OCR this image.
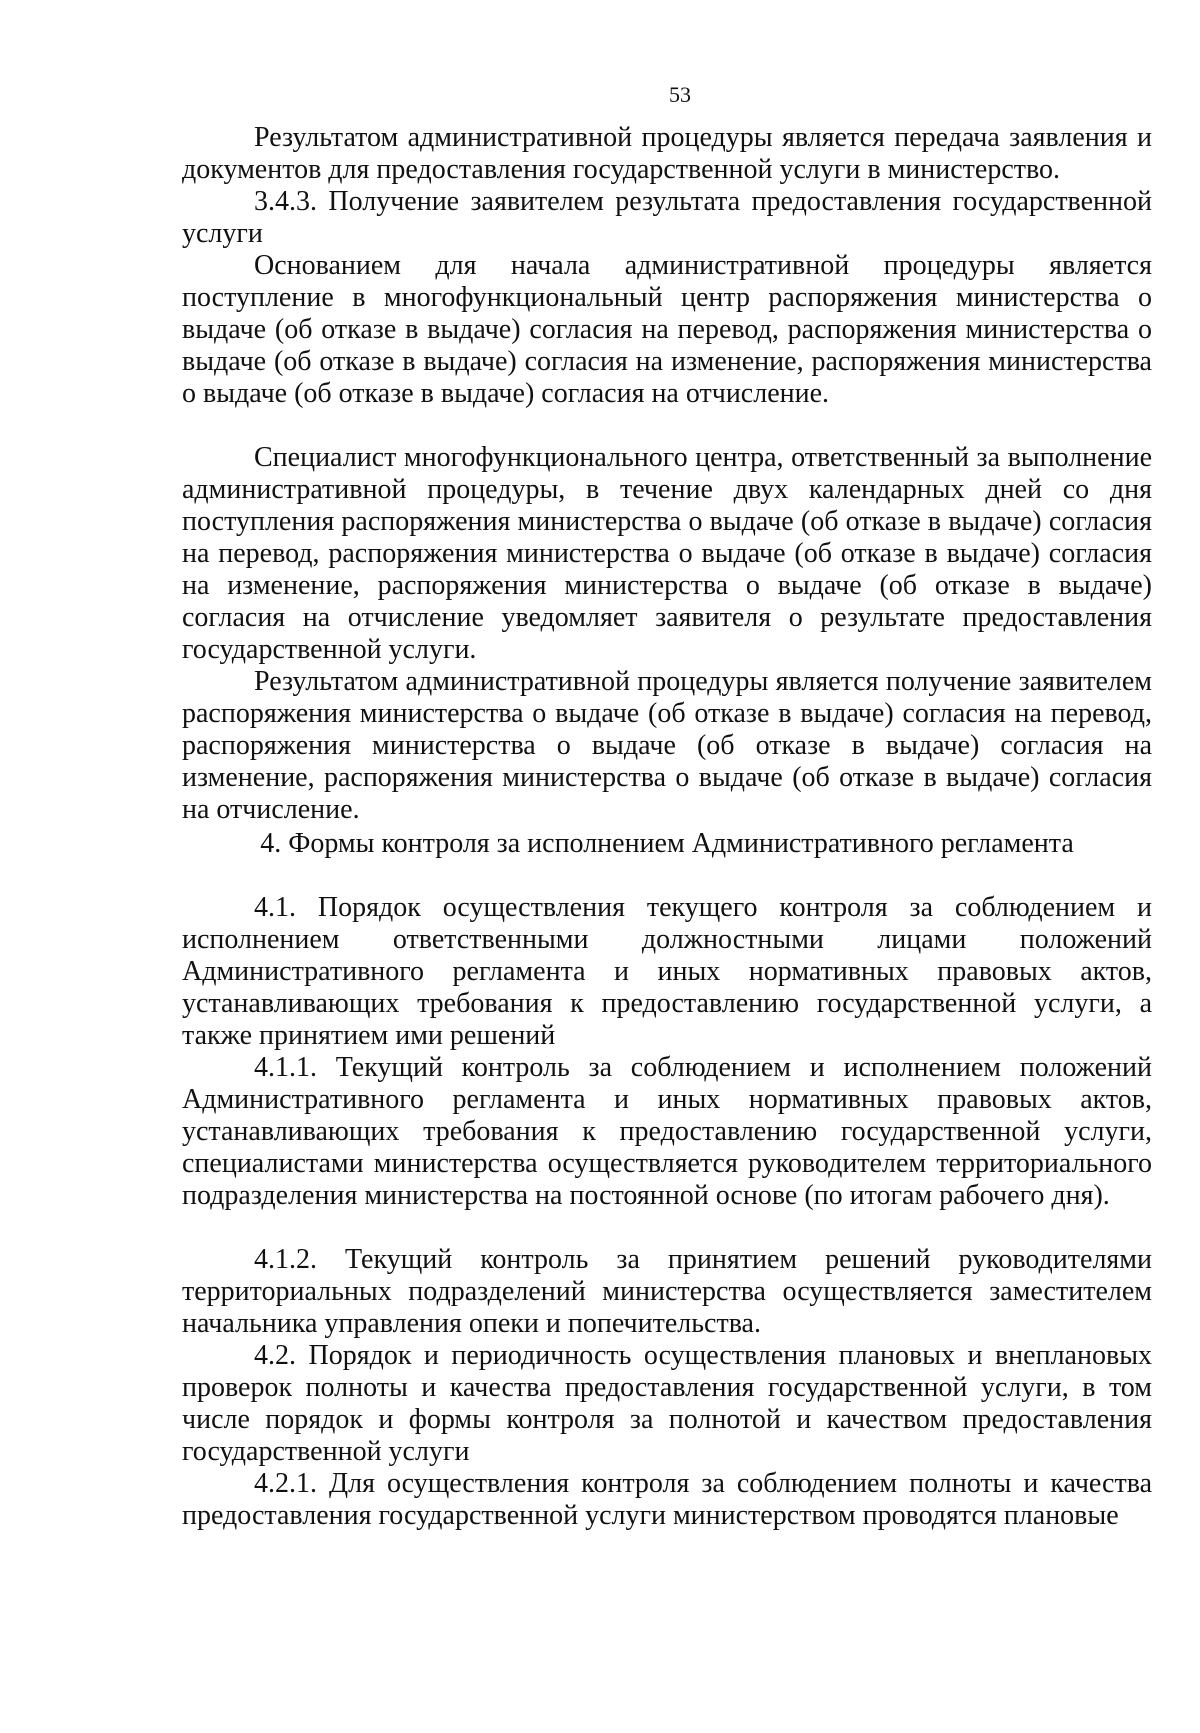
53

Результатом административной процедуры является передача заявления и документов для предоставления государственной услуги в министерство.

3.4.3. Получение заявителем результата предоставления государственной услуги

Основанием для начала административной процедуры является поступление в многофункциональный центр распоряжения министерства о выдаче (об отказе в выдаче) согласия на перевод, распоряжения министерства о выдаче (об отказе в выдаче) согласия на изменение, распоряжения министерства о выдаче (об отказе в выдаче) согласия на отчисление.

Специалист многофункционального центра, ответственный за выполнение административной процедуры, в течение двух календарных дней со дня поступления распоряжения министерства о выдаче (об отказе в выдаче) согласия на перевод, распоряжения министерства о выдаче (об отказе в выдаче) согласия на изменение, распоряжения министерства о выдаче (об отказе в выдаче) согласия на отчисление уведомляет заявителя о результате предоставления государственной услуги.

Результатом административной процедуры является получение заявителем распоряжения министерства о выдаче (об отказе в выдаче) согласия на перевод, распоряжения министерства о выдаче (об отказе в выдаче) согласия на изменение, распоряжения министерства о выдаче (об отказе в выдаче) согласия на отчисление.

4. Формы контроля за исполнением Административного регламента

4.1. Порядок осуществления текущего контроля за соблюдением и исполнением ответственными должностными лицами положений Административного регламента и иных нормативных правовых актов, устанавливающих требования к предоставлению государственной услуги, а также принятием ими решений

4.1.1. Текущий контроль за соблюдением и исполнением положений Административного регламента и иных нормативных правовых актов, устанавливающих требования к предоставлению государственной услуги, специалистами министерства осуществляется руководителем территориального подразделения министерства на постоянной основе (по итогам рабочего дня).

4.1.2. Текущий контроль за принятием решений руководителями территориальных подразделений министерства осуществляется заместителем начальника управления опеки и попечительства.

4.2. Порядок и периодичность осуществления плановых и внеплановых проверок полноты и качества предоставления государственной услуги, в том числе порядок и формы контроля за полнотой и качеством предоставления государственной услуги

4.2.1. Для осуществления контроля за соблюдением полноты и качества предоставления государственной услуги министерством проводятся плановые
